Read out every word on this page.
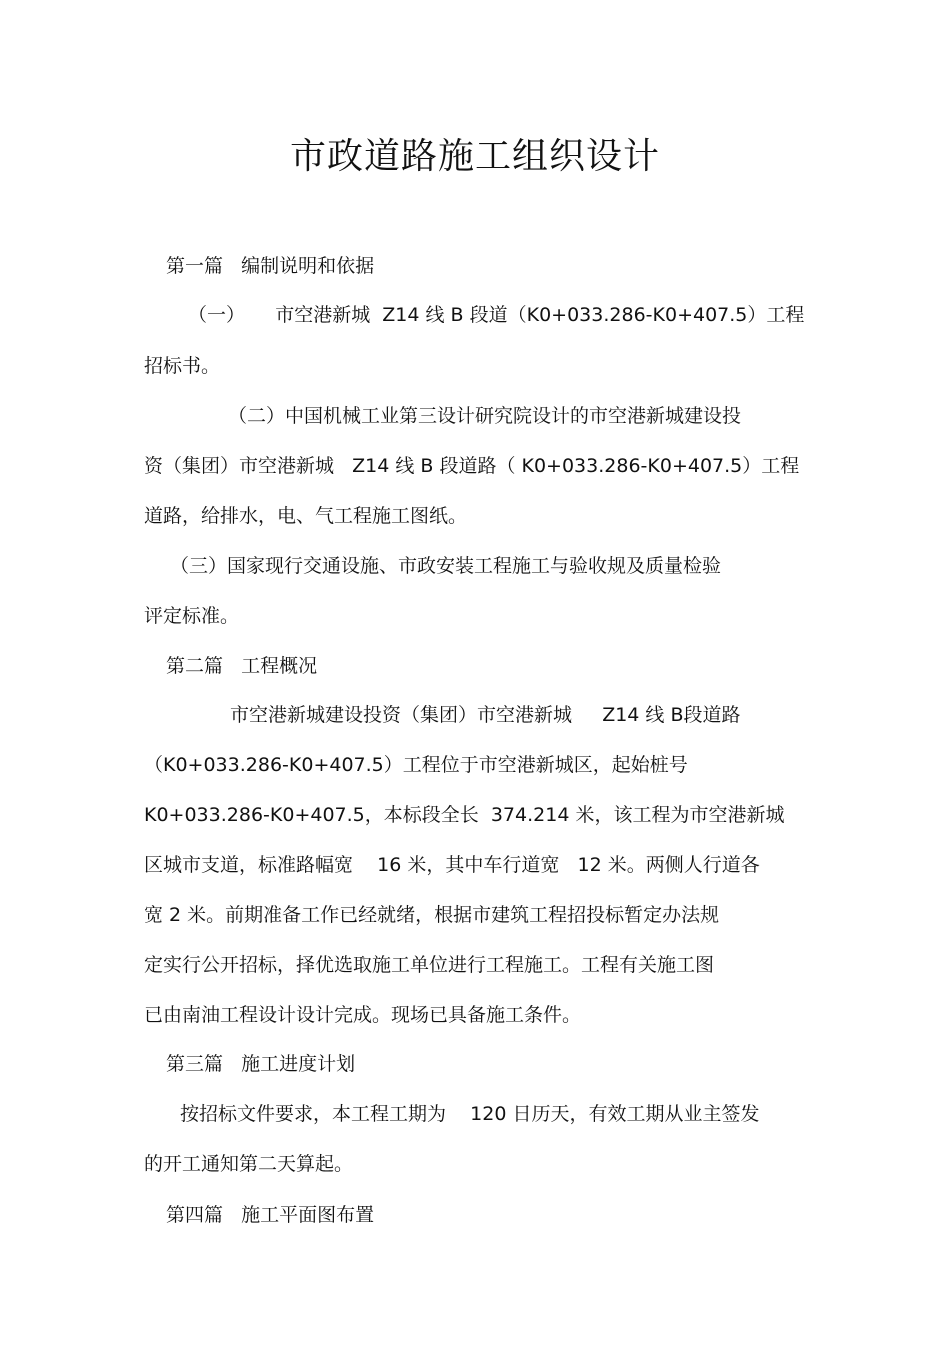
市政道路施工组织设计
第一篇   编制说明和依据
（一）     市空港新城  Z14 线 B 段道（K0+033.286-K0+407.5）工程
招标书。
（二）中国机械工业第三设计研究院设计的市空港新城建设投
资（集团）市空港新城   Z14 线 B 段道路（ K0+033.286-K0+407.5）工程
道路，给排水，电、气工程施工图纸。
（三）国家现行交通设施、市政安装工程施工与验收规及质量检验
评定标准。
第二篇   工程概况
市空港新城建设投资（集团）市空港新城     Z14 线 B段道路
（K0+033.286-K0+407.5）工程位于市空港新城区，起始桩号
K0+033.286-K0+407.5，本标段全长  374.214 米，该工程为市空港新城
区城市支道，标准路幅宽    16 米，其中车行道宽   12 米。两侧人行道各
宽 2 米。前期准备工作已经就绪，根据市建筑工程招投标暂定办法规
定实行公开招标，择优选取施工单位进行工程施工。工程有关施工图
已由南油工程设计设计完成。现场已具备施工条件。
第三篇   施工进度计划
按招标文件要求，本工程工期为    120 日历天，有效工期从业主签发
的开工通知第二天算起。
第四篇   施工平面图布置
